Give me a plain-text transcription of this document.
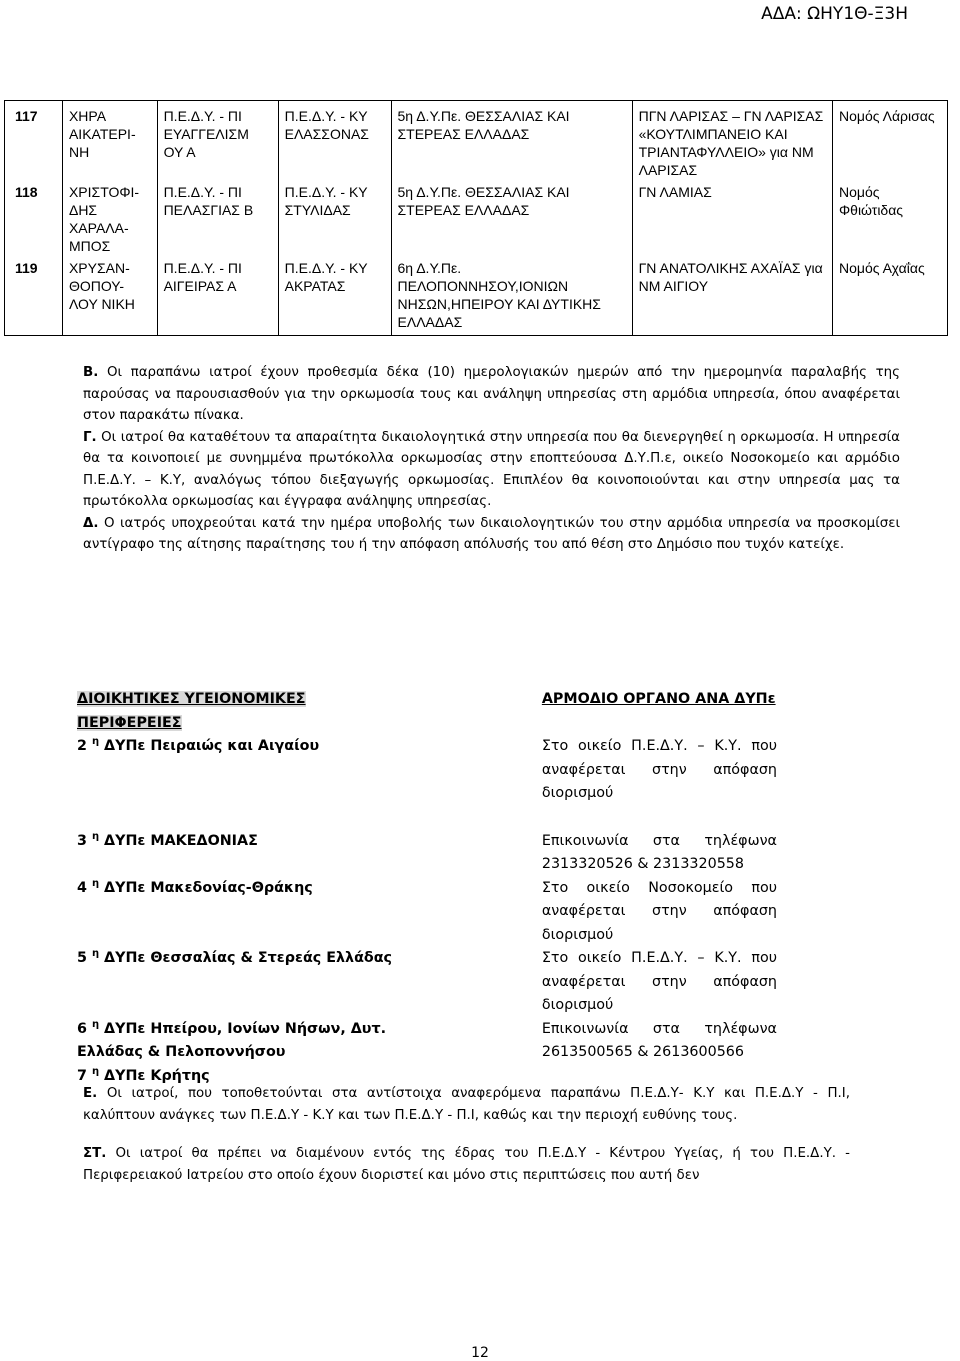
ΑΔΑ: ΩΗΥ1Θ-Ξ3Η
117	ΧΗΡΑ ΑΙΚΑΤΕΡΙ-ΝΗ	Π.Ε.Δ.Υ. - ΠΙ ΕΥΑΓΓΕΛΙΣΜ ΟΥ Α	Π.Ε.Δ.Υ. - ΚΥ ΕΛΑΣΣΟΝΑΣ	5η Δ.Υ.Πε. ΘΕΣΣΑΛΙΑΣ ΚΑΙ ΣΤΕΡΕΑΣ ΕΛΛΑΔΑΣ	ΠΓΝ ΛΑΡΙΣΑΣ – ΓΝ ΛΑΡΙΣΑΣ «ΚΟΥΤΛΙΜΠΑΝΕΙΟ ΚΑΙ ΤΡΙΑΝΤΑΦΥΛΛΕΙΟ» για ΝΜ ΛΑΡΙΣΑΣ	Νομός Λάρισας
118	ΧΡΙΣΤΟΦΙ-ΔΗΣ ΧΑΡΑΛΑ-ΜΠΟΣ	Π.Ε.Δ.Υ. - ΠΙ ΠΕΛΑΣΓΙΑΣ Β	Π.Ε.Δ.Υ. - ΚΥ ΣΤΥΛΙΔΑΣ	5η Δ.Υ.Πε. ΘΕΣΣΑΛΙΑΣ ΚΑΙ ΣΤΕΡΕΑΣ ΕΛΛΑΔΑΣ	ΓΝ ΛΑΜΙΑΣ	Νομός Φθιώτιδας
119	ΧΡΥΣΑΝ-ΘΟΠΟΥ-ΛΟΥ ΝΙΚΗ	Π.Ε.Δ.Υ. - ΠΙ ΑΙΓΕΙΡΑΣ Α	Π.Ε.Δ.Υ. - ΚΥ ΑΚΡΑΤΑΣ	6η Δ.Υ.Πε. ΠΕΛΟΠΟΝΝΗΣΟΥ,ΙΟΝΙΩΝ ΝΗΣΩΝ,ΗΠΕΙΡΟΥ ΚΑΙ ΔΥΤΙΚΗΣ ΕΛΛΑΔΑΣ	ΓΝ ΑΝΑΤΟΛΙΚΗΣ ΑΧΑΪΑΣ για ΝΜ ΑΙΓΙΟΥ	Νομός Αχαΐας

Β. Οι παραπάνω ιατροί έχουν προθεσμία δέκα (10) ημερολογιακών ημερών από την ημερομηνία παραλαβής της παρούσας να παρουσιασθούν για την ορκωμοσία τους και ανάληψη υπηρεσίας στη αρμόδια υπηρεσία, όπου αναφέρεται στον παρακάτω πίνακα.

Γ. Οι ιατροί θα καταθέτουν τα απαραίτητα δικαιολογητικά στην υπηρεσία που θα διενεργηθεί η ορκωμοσία. Η υπηρεσία θα τα κοινοποιεί με συνημμένα πρωτόκολλα ορκωμοσίας στην εποπτεύουσα Δ.Υ.Π.ε, οικείο Νοσοκομείο και αρμόδιο Π.Ε.Δ.Υ. – Κ.Υ, αναλόγως τόπου διεξαγωγής ορκωμοσίας. Επιπλέον θα κοινοποιούνται και στην υπηρεσία μας τα πρωτόκολλα ορκωμοσίας και έγγραφα ανάληψης υπηρεσίας.

Δ. Ο ιατρός υποχρεούται κατά την ημέρα υποβολής των δικαιολογητικών του στην αρμόδια υπηρεσία να προσκομίσει αντίγραφο της αίτησης παραίτησης του ή την απόφαση απόλυσής του από θέση στο Δημόσιο που τυχόν κατείχε.

ΔΙΟΙΚΗΤΙΚΕΣ ΥΓΕΙΟΝΟΜΙΚΕΣ
ΠΕΡΙΦΕΡΕΙΕΣ	ΑΡΜΟΔΙΟ ΟΡΓΑΝΟ ΑΝΑ ΔΥΠε
2 $^\eta$ ΔΥΠε Πειραιώς και Αιγαίου	Στο οικείο Π.Ε.Δ.Υ. – Κ.Υ. που αναφέρεται στην απόφαση διορισμού

3 $^\eta$ ΔΥΠε ΜΑΚΕΔΟΝΙΑΣ	Επικοινωνία στα τηλέφωνα 2313320526 & 2313320558
4 $^\eta$ ΔΥΠε Μακεδονίας-Θράκης	Στο οικείο Νοσοκομείο που αναφέρεται στην απόφαση διορισμού
5 $^\eta$ ΔΥΠε Θεσσαλίας & Στερεάς Ελλάδας	Στο οικείο Π.Ε.Δ.Υ. – Κ.Υ. που αναφέρεται στην απόφαση διορισμού
6 $^\eta$ ΔΥΠε Ηπείρου, Ιονίων Νήσων, Δυτ. Ελλάδας & Πελοποννήσου	Επικοινωνία στα τηλέφωνα 2613500565 & 2613600566
7 $^\eta$ ΔΥΠε Κρήτης	

Ε. Οι ιατροί, που τοποθετούνται στα αντίστοιχα αναφερόμενα παραπάνω Π.Ε.Δ.Υ- Κ.Υ και Π.Ε.Δ.Υ - Π.Ι, καλύπτουν ανάγκες των Π.Ε.Δ.Υ - Κ.Υ και των Π.Ε.Δ.Υ - Π.Ι, καθώς και την περιοχή ευθύνης τους.

ΣΤ. Οι ιατροί θα πρέπει να διαμένουν εντός της έδρας του Π.Ε.Δ.Υ - Κέντρου Υγείας, ή του Π.Ε.Δ.Υ. - Περιφερειακού Ιατρείου στο οποίο έχουν διοριστεί και μόνο στις περιπτώσεις που αυτή δεν

12
